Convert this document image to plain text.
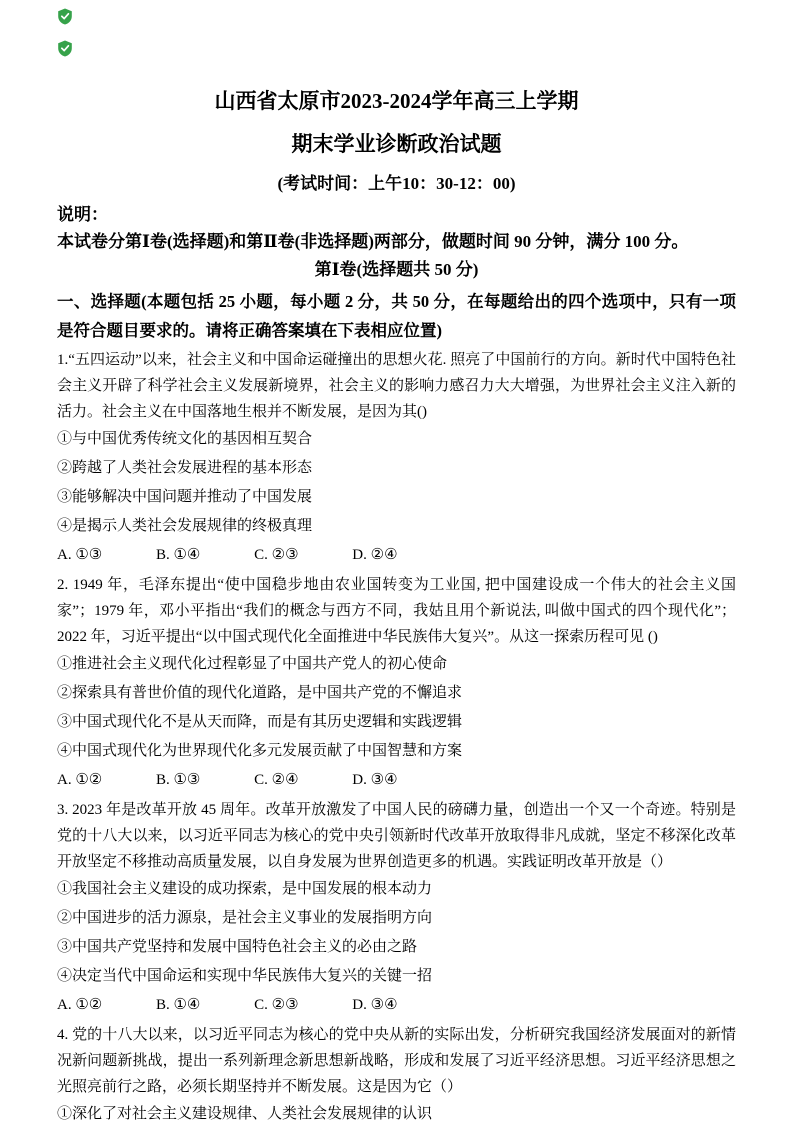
山西省太原市2023-2024学年高三上学期
期末学业诊断政治试题

(考试时间：上午10：30-12：00)

说明：

本试卷分第Ⅰ卷(选择题)和第Ⅱ卷(非选择题)两部分，做题时间 90 分钟，满分 100 分。

第Ⅰ卷(选择题共 50 分)

一、选择题(本题包括 25 小题，每小题 2 分，共 50 分，在每题给出的四个选项中，只有一项是符合题目要求的。请将正确答案填在下表相应位置)

1.“五四运动”以来，社会主义和中国命运碰撞出的思想火花. 照亮了中国前行的方向。新时代中国特色社会主义开辟了科学社会主义发展新境界，社会主义的影响力感召力大大增强，为世界社会主义注入新的活力。社会主义在中国落地生根并不断发展，是因为其()

①与中国优秀传统文化的基因相互契合

②跨越了人类社会发展进程的基本形态

③能够解决中国问题并推动了中国发展

④是揭示人类社会发展规律的终极真理

A. ①③	B. ①④	C. ②③	D. ②④

2. 1949 年，毛泽东提出“使中国稳步地由农业国转变为工业国, 把中国建设成一个伟大的社会主义国家”；1979 年，邓小平指出“我们的概念与西方不同，我姑且用个新说法, 叫做中国式的四个现代化”；2022 年，习近平提出“以中国式现代化全面推进中华民族伟大复兴”。从这一探索历程可见 ()

①推进社会主义现代化过程彰显了中国共产党人的初心使命

②探索具有普世价值的现代化道路，是中国共产党的不懈追求

③中国式现代化不是从天而降，而是有其历史逻辑和实践逻辑

④中国式现代化为世界现代化多元发展贡献了中国智慧和方案

A. ①②	B. ①③	C. ②④	D. ③④

3. 2023 年是改革开放 45 周年。改革开放激发了中国人民的磅礴力量，创造出一个又一个奇迹。特别是党的十八大以来，以习近平同志为核心的党中央引领新时代改革开放取得非凡成就，坚定不移深化改革开放坚定不移推动高质量发展，以自身发展为世界创造更多的机遇。实践证明改革开放是（）

①我国社会主义建设的成功探索，是中国发展的根本动力

②中国进步的活力源泉，是社会主义事业的发展指明方向

③中国共产党坚持和发展中国特色社会主义的必由之路

④决定当代中国命运和实现中华民族伟大复兴的关键一招

A. ①②	B. ①④	C. ②③	D. ③④

4. 党的十八大以来，以习近平同志为核心的党中央从新的实际出发，分析研究我国经济发展面对的新情况新问题新挑战，提出一系列新理念新思想新战略，形成和发展了习近平经济思想。习近平经济思想之光照亮前行之路，必须长期坚持并不断发展。这是因为它（）

①深化了对社会主义建设规律、人类社会发展规律的认识
